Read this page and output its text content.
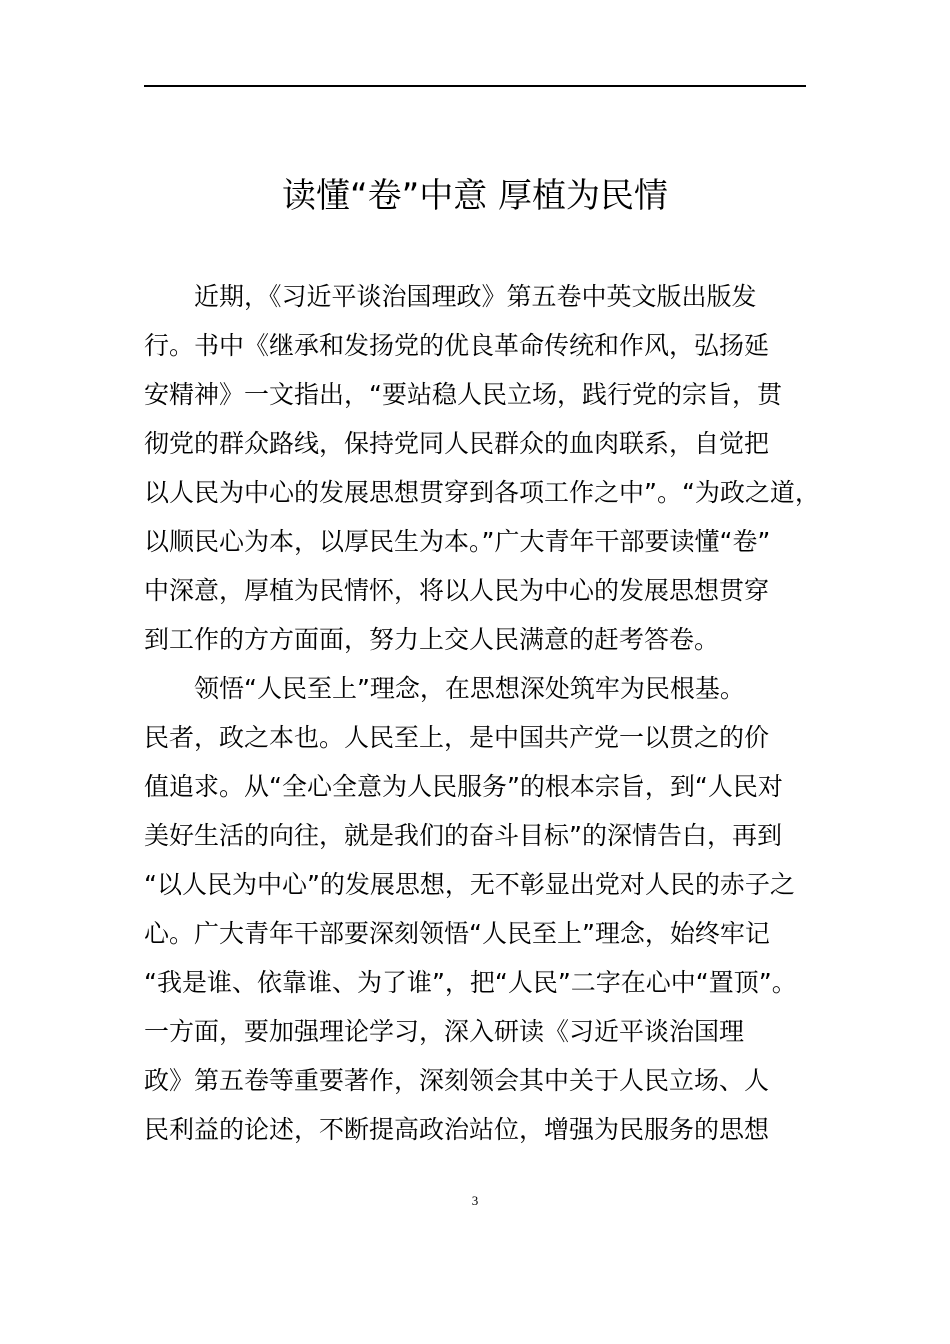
读懂“卷”中意 厚植为民情
近期，《习近平谈治国理政》第五卷中英文版出版发
行。书中《继承和发扬党的优良革命传统和作风，弘扬延
安精神》一文指出，“要站稳人民立场，践行党的宗旨，贯
彻党的群众路线，保持党同人民群众的血肉联系，自觉把
以人民为中心的发展思想贯穿到各项工作之中”。“为政之道，
以顺民心为本，以厚民生为本。”广大青年干部要读懂“卷”
中深意，厚植为民情怀，将以人民为中心的发展思想贯穿
到工作的方方面面，努力上交人民满意的赶考答卷。
领悟“人民至上”理念，在思想深处筑牢为民根基。
民者，政之本也。人民至上，是中国共产党一以贯之的价
值追求。从“全心全意为人民服务”的根本宗旨，到“人民对
美好生活的向往，就是我们的奋斗目标”的深情告白，再到
“以人民为中心”的发展思想，无不彰显出党对人民的赤子之
心。广大青年干部要深刻领悟“人民至上”理念，始终牢记
“我是谁、依靠谁、为了谁”，把“人民”二字在心中“置顶”。
一方面，要加强理论学习，深入研读《习近平谈治国理
政》第五卷等重要著作，深刻领会其中关于人民立场、人
民利益的论述，不断提高政治站位，增强为民服务的思想
3
